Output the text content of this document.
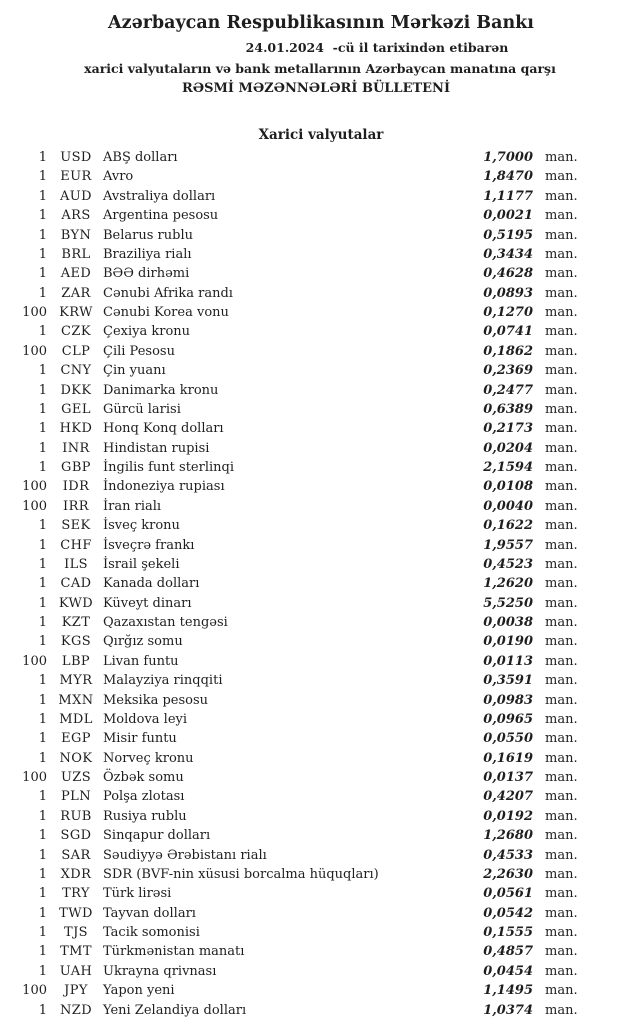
Azərbaycan Respublikasının Mərkəzi Bankı
24.01.2024  -cü il tarixindən etibarən
xarici valyutaların və bank metallarının Azərbaycan manatına qarşı
RƏSMİ MƏZƏNNƏLƏRİ BÜLLETENİ
Xarici valyutalar
1	USD ABŞ dolları	1,7000 man.
1	EUR Avro	1,8470 man.
1	AUD Avstraliya dolları	1,1177 man.
1	ARS Argentina pesosu	0,0021 man.
1	BYN Belarus rublu	0,5195 man.
1	BRL Braziliya rialı	0,3434 man.
1	AED BƏƏ dirhəmi	0,4628 man.
1	ZAR Cənubi Afrika randı	0,0893 man.
100 KRW Cənubi Korea vonu	0,1270 man.
1	CZK Çexiya kronu	0,0741 man.
100	CLP Çili Pesosu	0,1862 man.
1	CNY Çin yuanı	0,2369 man.
1	DKK Danimarka kronu	0,2477 man.
1	GEL Gürcü larisi	0,6389 man.
1 HKD Honq Konq dolları	0,2173 man.
1	INR	Hindistan rupisi	0,0204 man.
1	GBP İngilis funt sterlinqi	2,1594 man.
100	IDR	İndoneziya rupiası	0,0108 man.
100	IRR	İran rialı	0,0040 man.
1	SEK İsveç kronu	0,1622 man.
1	CHF İsveçrə frankı	1,9557 man.
1	ILS	İsrail şekeli	0,4523 man.
1	CAD Kanada dolları	1,2620 man.
1 KWD Küveyt dinarı	5,5250 man.
1	KZT Qazaxıstan tengəsi	0,0038 man.
1	KGS Qırğız somu	0,0190 man.
100	LBP Livan funtu	0,0113 man.
1 MYR Malayziya rinqqiti	0,3591 man.
1 MXN Meksika pesosu	0,0983 man.
1 MDL Moldova leyi	0,0965 man.
1	EGP Misir funtu	0,0550 man.
1 NOK Norveç kronu	0,1619 man.
100	UZS Özbək somu	0,0137 man.
1	PLN Polşa zlotası	0,4207 man.
1	RUB Rusiya rublu	0,0192 man.
1	SGD Sinqapur dolları	1,2680 man.
1	SAR Səudiyyə Ərəbistanı rialı	0,4533 man.
1	XDR SDR (BVF-nin xüsusi borcalma hüquqları)	2,2630 man.
1	TRY	Türk lirəsi	0,0561 man.
1 TWD Tayvan dolları	0,0542 man.
1	TJS	Tacik somonisi	0,1555 man.
1	TMT Türkmənistan manatı	0,4857 man.
1 UAH Ukrayna qrivnası	0,0454 man.
100	JPY	Yapon yeni	1,1495 man.
1 NZD Yeni Zelandiya dolları	1,0374 man.
